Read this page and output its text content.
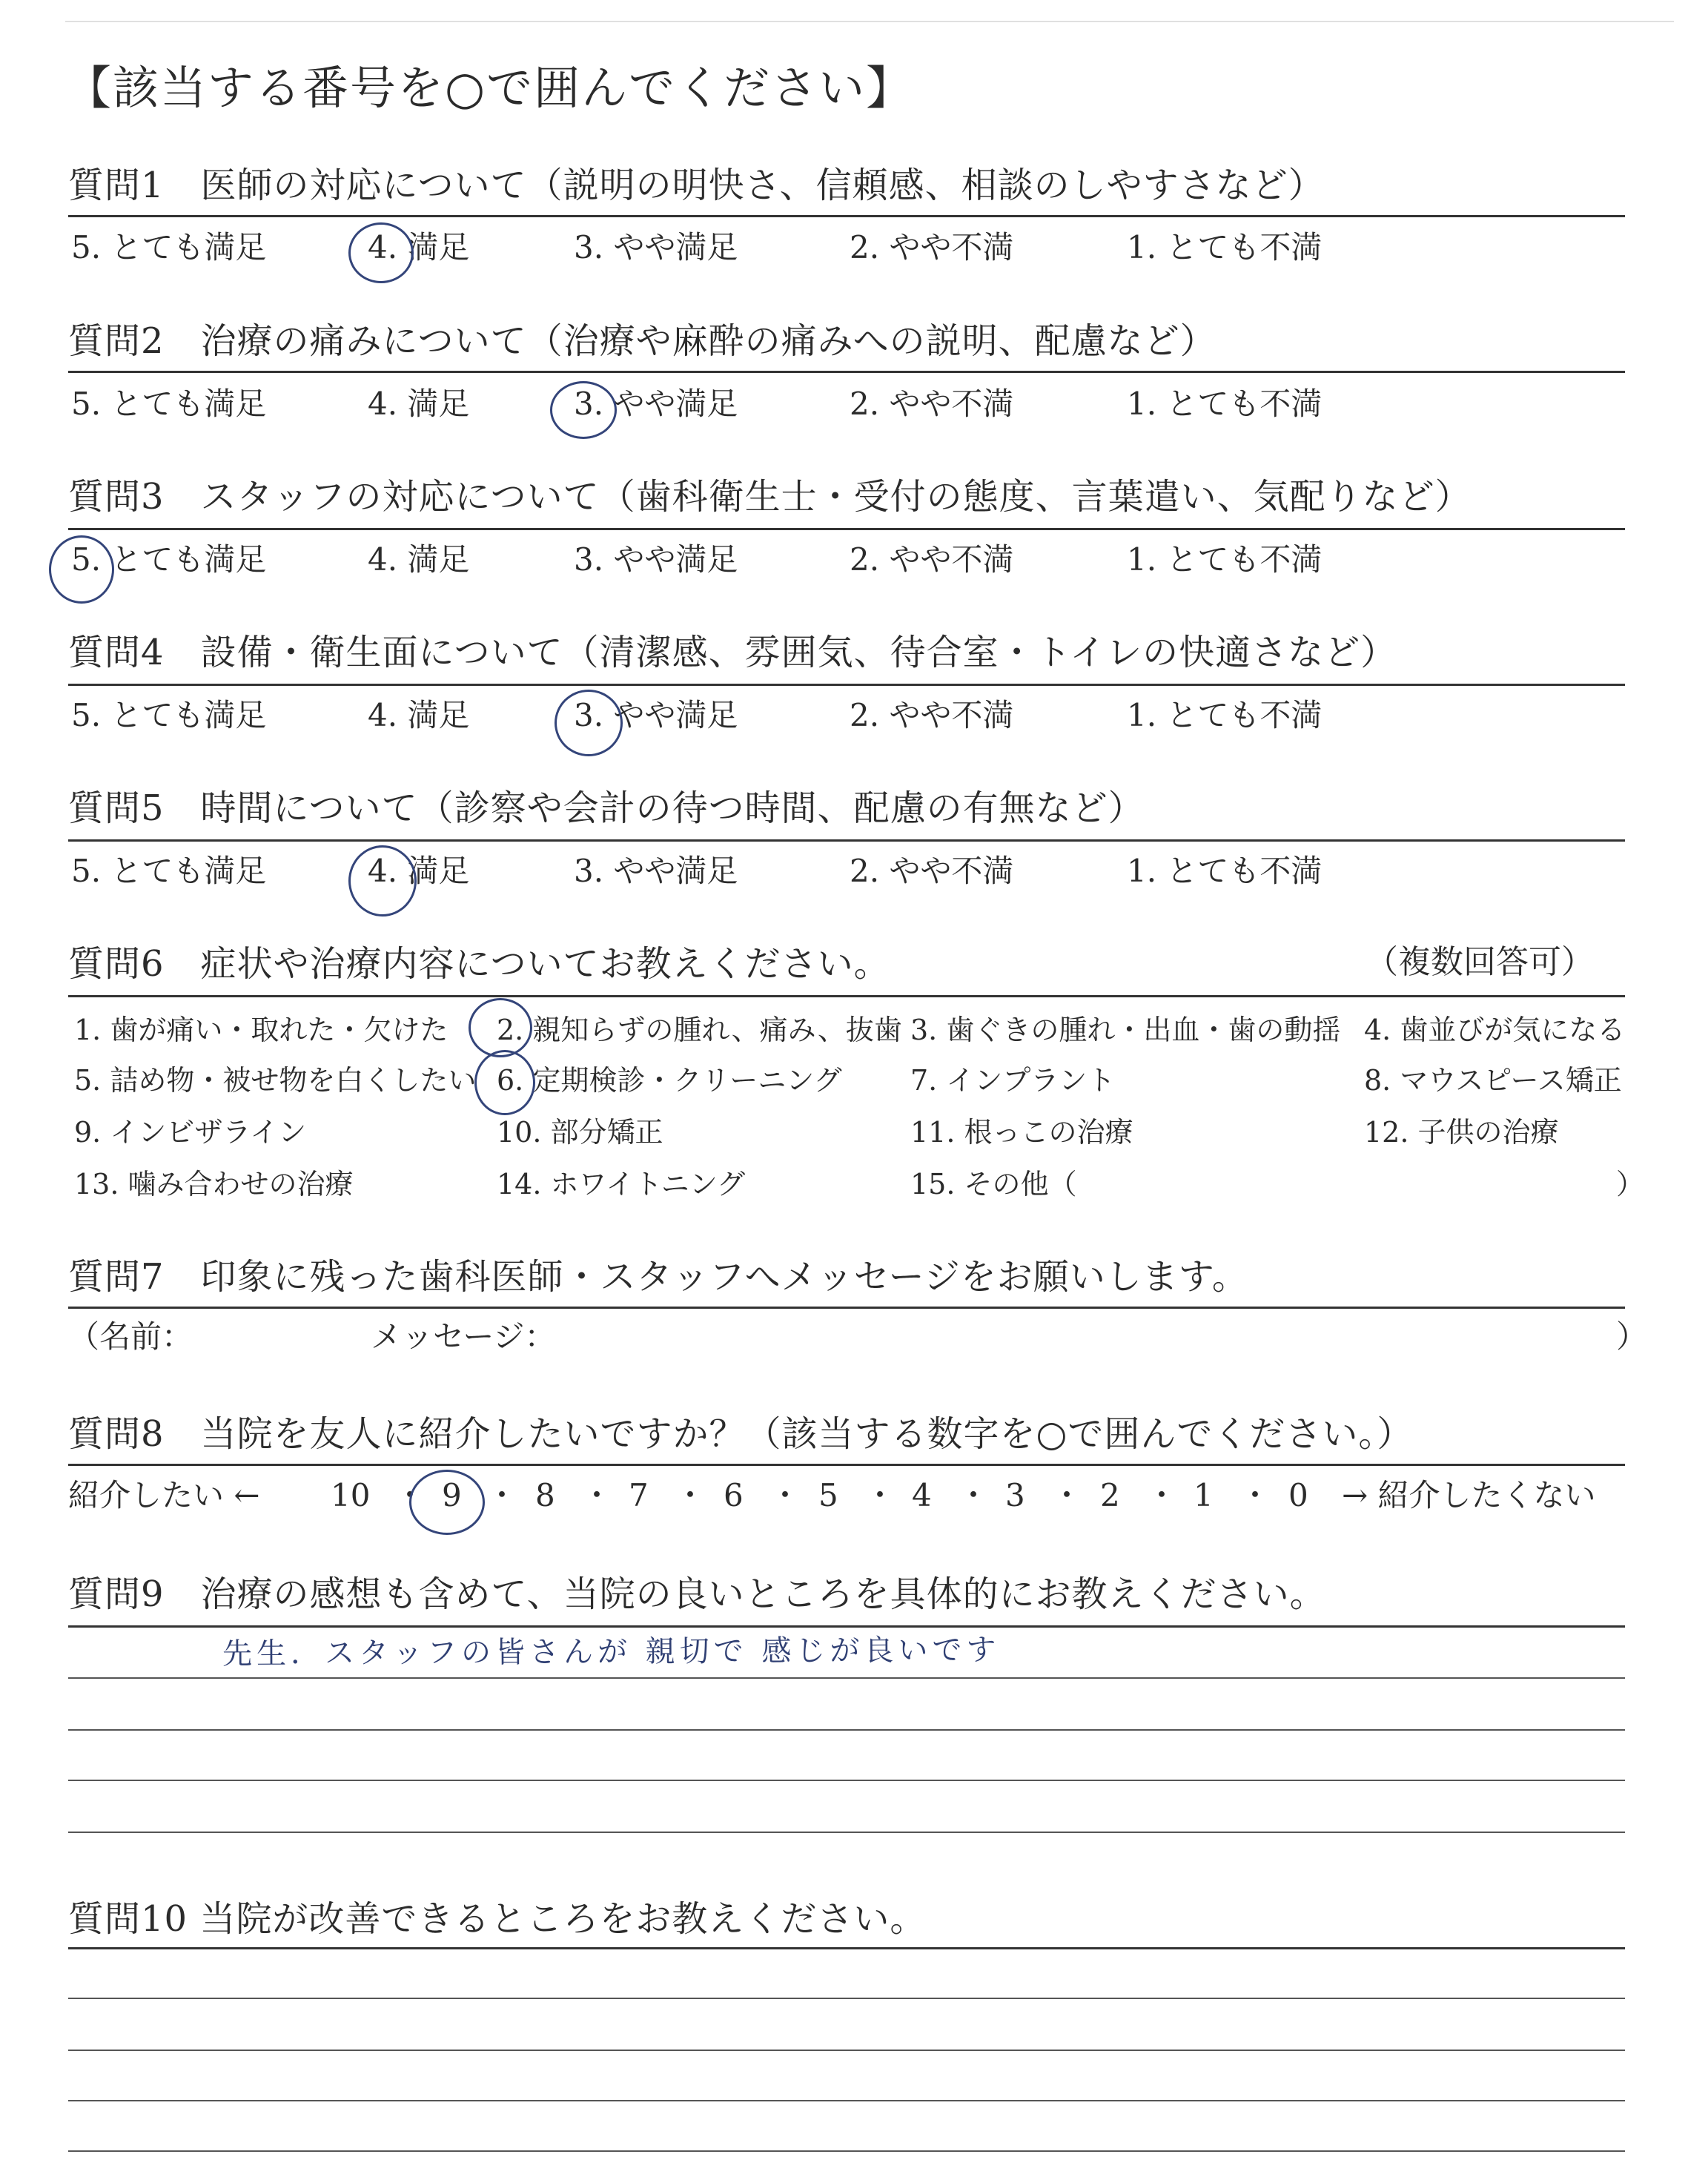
【該当する番号を○で囲んでください】
質問1　医師の対応について（説明の明快さ、信頼感、相談のしやすさなど）
5. とても満足	4. 満足	3. やや満足	2. やや不満	1. とても不満
質問2　治療の痛みについて（治療や麻酔の痛みへの説明、配慮など）
5. とても満足	4. 満足	3. やや満足	2. やや不満	1. とても不満
質問3　スタッフの対応について（歯科衛生士・受付の態度、言葉遣い、気配りなど）
5. とても満足	4. 満足	3. やや満足	2. やや不満	1. とても不満
質問4　設備・衛生面について（清潔感、雰囲気、待合室・トイレの快適さなど）
5. とても満足	4. 満足	3. やや満足	2. やや不満	1. とても不満
質問5　時間について（診察や会計の待つ時間、配慮の有無など）
5. とても満足	4. 満足	3. やや満足	2. やや不満	1. とても不満
質問6　症状や治療内容についてお教えください。	（複数回答可）
1. 歯が痛い・取れた・欠けた 2. 親知らずの腫れ、痛み、抜歯 3. 歯ぐきの腫れ・出血・歯の動揺 4. 歯並びが気になる
5. 詰め物・被せ物を白くしたい 6. 定期検診・クリーニング 7. インプラント	8. マウスピース矯正
9. インビザライン	10. 部分矯正	11. 根っこの治療	12. 子供の治療
13. 噛み合わせの治療	14. ホワイトニング	15. その他（	）
質問7　印象に残った歯科医師・スタッフへメッセージをお願いします。
（名前：	メッセージ：	）
質問8　当院を友人に紹介したいですか？（該当する数字を○で囲んでください。）
紹介したい ← 10 ・ 9 ・ 8 ・ 7 ・ 6 ・ 5 ・ 4 ・ 3 ・ 2 ・ 1 ・ 0 → 紹介したくない
質問9　治療の感想も含めて、当院の良いところを具体的にお教えください。
先生．スタッフの皆さんが 親切で 感じが良いです
質問10 当院が改善できるところをお教えください。
